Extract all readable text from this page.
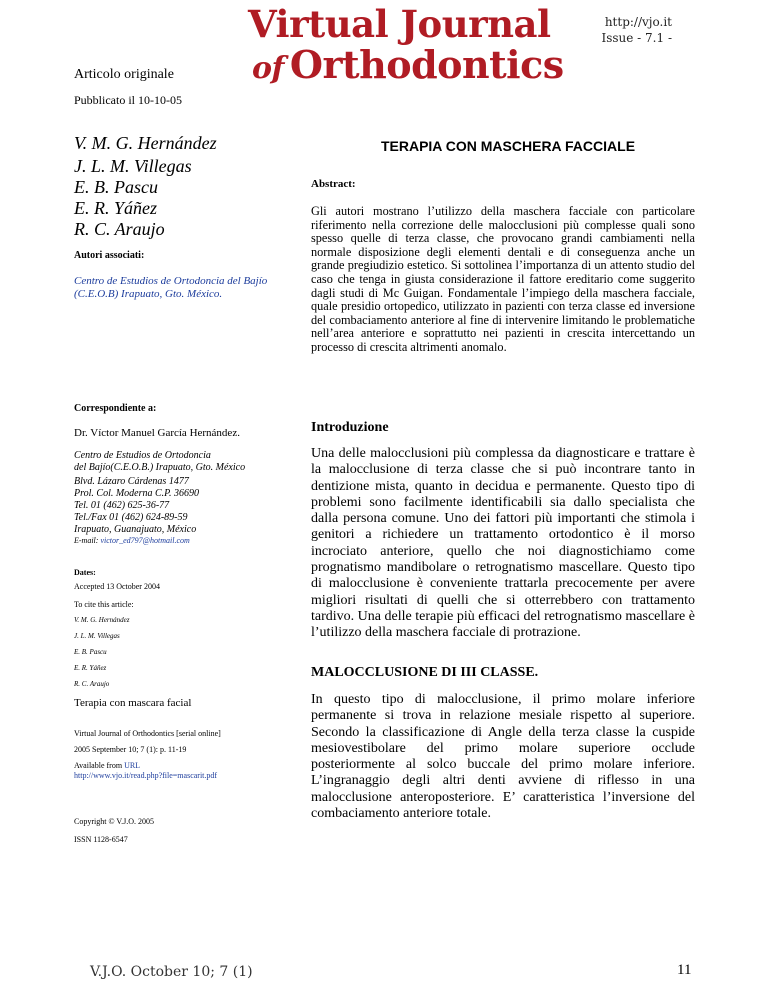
Virtual Journal
of Orthodontics
http://vjo.it
Issue - 7.1 -
Articolo originale
Pubblicato il 10-10-05
V. M. G. Hernández
J. L. M. Villegas
E. B. Pascu
E. R. Yáñez
R. C. Araujo
Autori associati:
Centro de Estudios de Ortodoncia del Bajío (C.E.O.B) Irapuato, Gto. México.
Correspondiente a:
Dr. Víctor Manuel García Hernández.
Centro de Estudios de Ortodoncia
del Bajío(C.E.O.B.) Irapuato, Gto. México
Blvd. Lázaro Cárdenas 1477
Prol. Col. Moderna C.P. 36690
Tel. 01 (462) 625-36-77
Tel./Fax 01 (462) 624-89-59
Irapuato, Guanajuato, México
E-mail: victor_ed797@hotmail.com
Dates:
Accepted 13 October 2004
To cite this article:
V. M. G. Hernández
J. L. M. Villegas
E. B. Pascu
E. R. Yáñez
R. C. Araujo
Terapia con mascara facial
Virtual Journal of Orthodontics [serial online]
2005 September 10; 7 (1): p. 11-19
Available from URL
http://www.vjo.it/read.php?file=mascarit.pdf
Copyright © V.J.O. 2005
ISSN 1128-6547
TERAPIA CON MASCHERA FACCIALE
Abstract:
Gli autori mostrano l’utilizzo della maschera facciale con particolare riferimento nella correzione delle malocclusioni più complesse quali sono spesso quelle di terza classe, che provocano grandi cambiamenti nella normale disposizione degli elementi dentali e di conseguenza anche un grande pregiudizio estetico. Si sottolinea l’importanza di un attento studio del caso che tenga in giusta considerazione il fattore ereditario come suggerito dagli studi di Mc Guigan. Fondamentale l’impiego della maschera facciale, quale presidio ortopedico, utilizzato in pazienti con terza classe ed inversione del combaciamento anteriore al fine di intervenire limitando le problematiche nell’area anteriore e soprattutto nei pazienti in crescita intercettando un processo di crescita altrimenti anomalo.
Introduzione
Una delle malocclusioni più complessa da diagnosticare e trattare è la malocclusione di terza classe che si può incontrare tanto in dentizione mista, quanto in decidua e permanente. Questo tipo di problemi sono facilmente identificabili sia dallo specialista che dalla persona comune. Uno dei fattori più importanti che stimola i genitori a richiedere un trattamento ortodontico è il morso incrociato anteriore, quello che noi diagnostichiamo come prognatismo mandibolare o retrognatismo mascellare. Questo tipo di malocclusione è conveniente trattarla precocemente per avere migliori risultati di quelli che si otterrebbero con trattamento tardivo. Una delle terapie più efficaci del retrognatismo mascellare è l’utilizzo della maschera facciale di protrazione.
MALOCCLUSIONE DI III CLASSE.
In questo tipo di malocclusione, il primo molare inferiore permanente si trova in relazione mesiale rispetto al superiore. Secondo la classificazione di Angle della terza classe la cuspide mesiovestibolare del primo molare superiore occlude posteriormente al solco buccale del primo molare inferiore. L’ingranaggio degli altri denti avviene di riflesso in una malocclusione anteroposteriore. E’ caratteristica l’inversione del combaciamento anteriore totale.
V.J.O. October 10; 7 (1)	11
